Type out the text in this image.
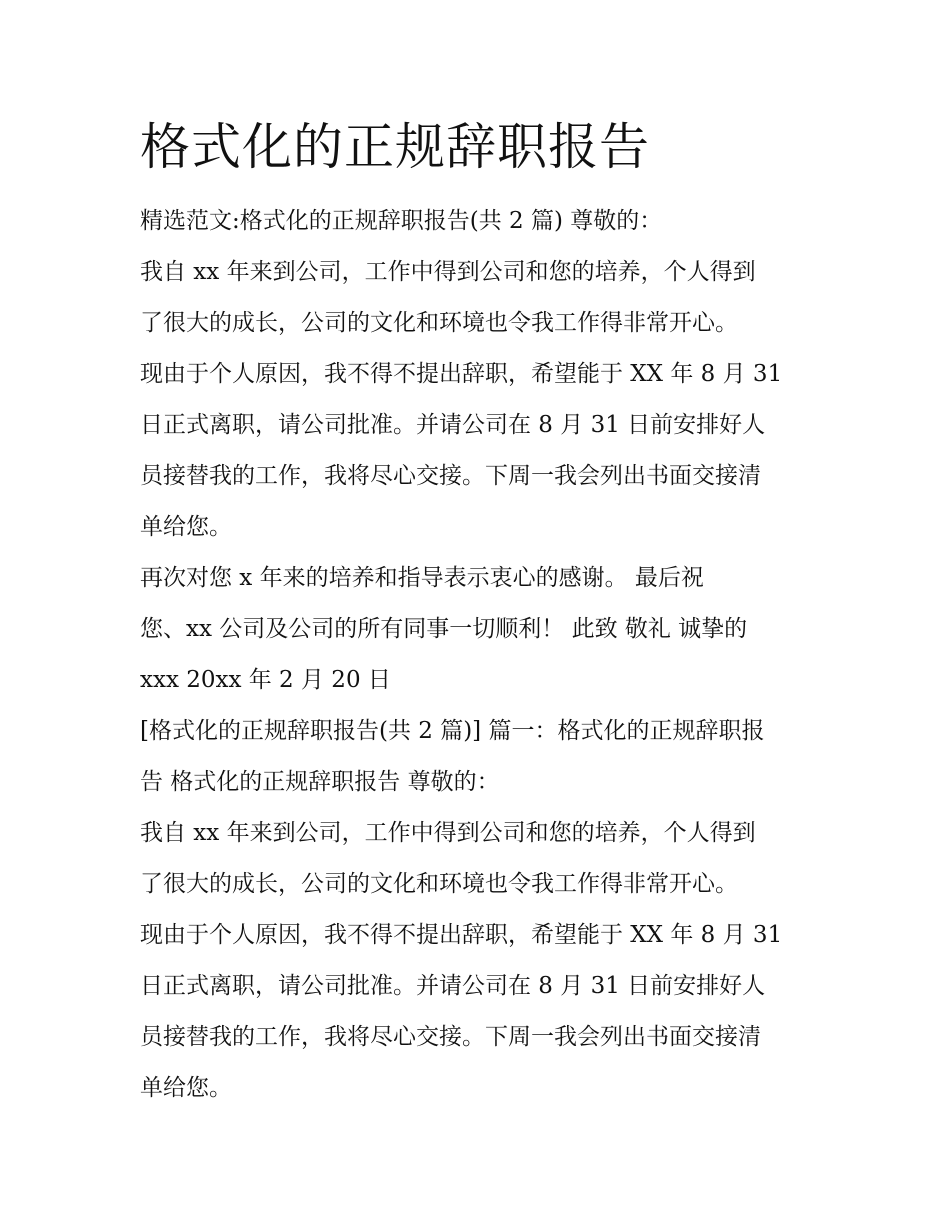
格式化的正规辞职报告

精选范文:格式化的正规辞职报告(共 2 篇) 尊敬的：

我自 xx 年来到公司，工作中得到公司和您的培养，个人得到

了很大的成长，公司的文化和环境也令我工作得非常开心。

现由于个人原因，我不得不提出辞职，希望能于 XX 年 8 月 31

日正式离职，请公司批准。并请公司在 8 月 31 日前安排好人

员接替我的工作，我将尽心交接。下周一我会列出书面交接清

单给您。

再次对您 x 年来的培养和指导表示衷心的感谢。 最后祝

您、xx 公司及公司的所有同事一切顺利！ 此致 敬礼 诚挚的

xxx 20xx 年 2 月 20 日

[格式化的正规辞职报告(共 2 篇)] 篇一：格式化的正规辞职报

告 格式化的正规辞职报告 尊敬的：

我自 xx 年来到公司，工作中得到公司和您的培养，个人得到

了很大的成长，公司的文化和环境也令我工作得非常开心。

现由于个人原因，我不得不提出辞职，希望能于 XX 年 8 月 31

日正式离职，请公司批准。并请公司在 8 月 31 日前安排好人

员接替我的工作，我将尽心交接。下周一我会列出书面交接清

单给您。
